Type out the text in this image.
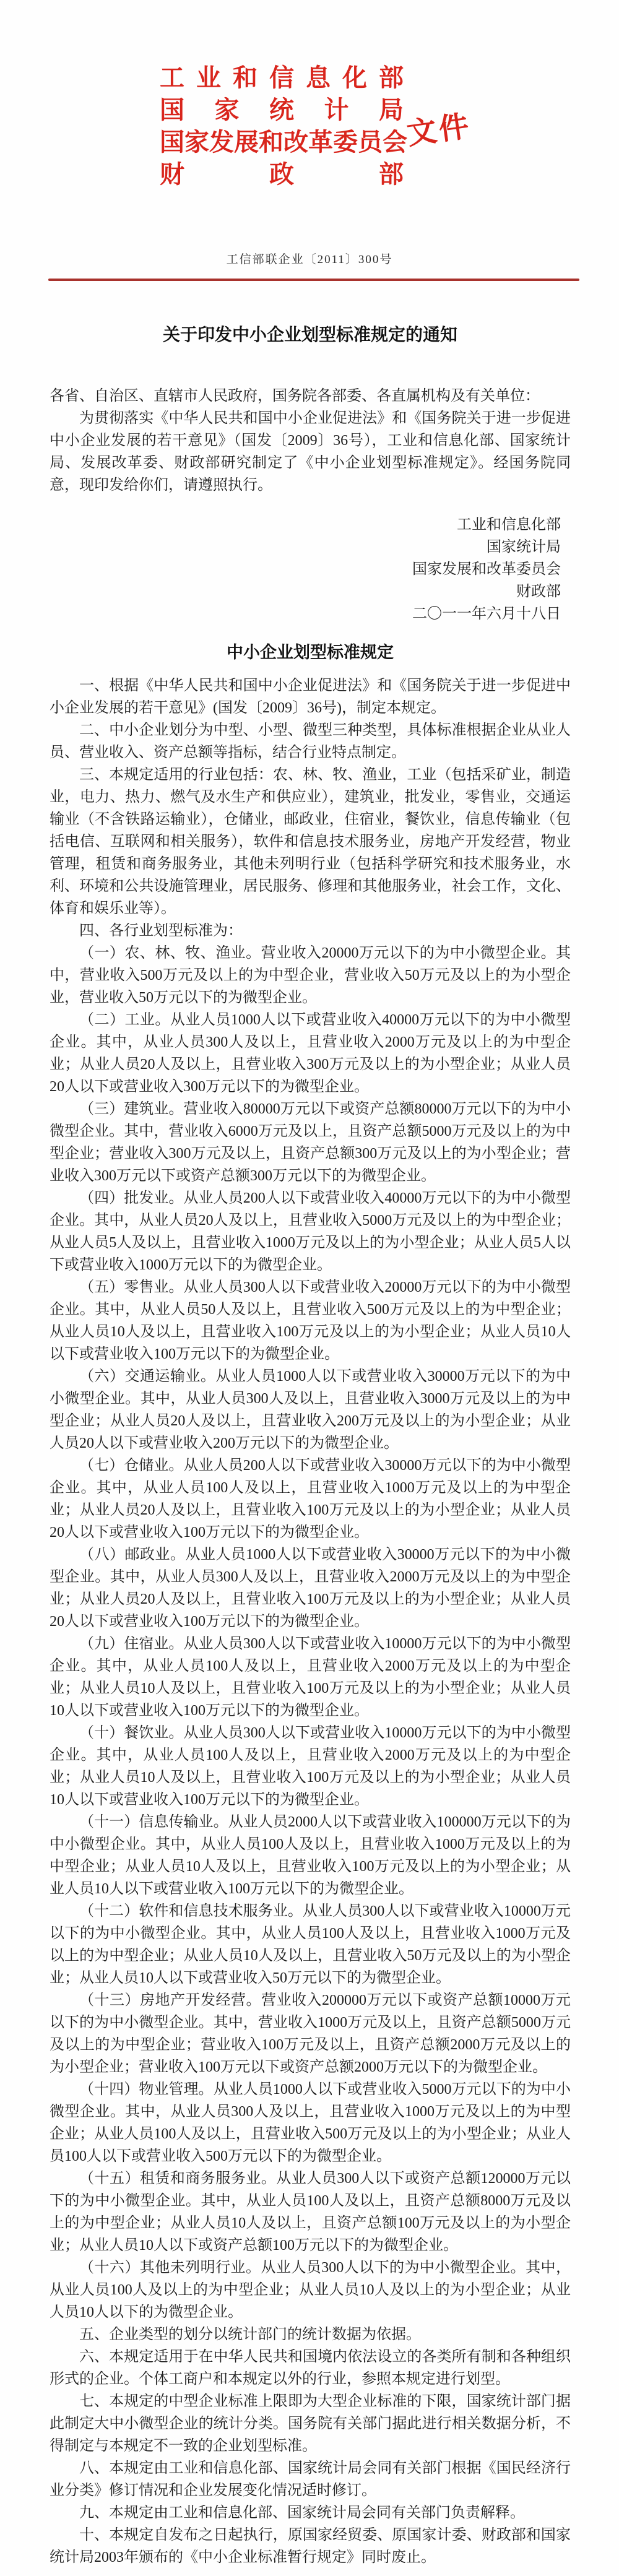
工业和信息化部
国家统计局
国家发展和改革委员会
财政部
文件
工信部联企业〔2011〕300号
关于印发中小企业划型标准规定的通知
各省、自治区、直辖市人民政府，国务院各部委、各直属机构及有关单位：
为贯彻落实《中华人民共和国中小企业促进法》和《国务院关于进一步促进中小企业发展的若干意见》（国发〔2009〕36号），工业和信息化部、国家统计局、发展改革委、财政部研究制定了《中小企业划型标准规定》。经国务院同意，现印发给你们，请遵照执行。
工业和信息化部
国家统计局
国家发展和改革委员会
财政部
二〇一一年六月十八日
中小企业划型标准规定

一、根据《中华人民共和国中小企业促进法》和《国务院关于进一步促进中小企业发展的若干意见》(国发〔2009〕36号)，制定本规定。

二、中小企业划分为中型、小型、微型三种类型，具体标准根据企业从业人员、营业收入、资产总额等指标，结合行业特点制定。

三、本规定适用的行业包括：农、林、牧、渔业，工业（包括采矿业，制造业，电力、热力、燃气及水生产和供应业），建筑业，批发业，零售业，交通运输业（不含铁路运输业），仓储业，邮政业，住宿业，餐饮业，信息传输业（包括电信、互联网和相关服务），软件和信息技术服务业，房地产开发经营，物业管理，租赁和商务服务业，其他未列明行业（包括科学研究和技术服务业，水利、环境和公共设施管理业，居民服务、修理和其他服务业，社会工作，文化、体育和娱乐业等）。

四、各行业划型标准为：

（一）农、林、牧、渔业。营业收入20000万元以下的为中小微型企业。其中，营业收入500万元及以上的为中型企业，营业收入50万元及以上的为小型企业，营业收入50万元以下的为微型企业。

（二）工业。从业人员1000人以下或营业收入40000万元以下的为中小微型企业。其中，从业人员300人及以上，且营业收入2000万元及以上的为中型企业；从业人员20人及以上，且营业收入300万元及以上的为小型企业；从业人员20人以下或营业收入300万元以下的为微型企业。

（三）建筑业。营业收入80000万元以下或资产总额80000万元以下的为中小微型企业。其中，营业收入6000万元及以上，且资产总额5000万元及以上的为中型企业；营业收入300万元及以上，且资产总额300万元及以上的为小型企业；营业收入300万元以下或资产总额300万元以下的为微型企业。

（四）批发业。从业人员200人以下或营业收入40000万元以下的为中小微型企业。其中，从业人员20人及以上，且营业收入5000万元及以上的为中型企业；从业人员5人及以上，且营业收入1000万元及以上的为小型企业；从业人员5人以下或营业收入1000万元以下的为微型企业。

（五）零售业。从业人员300人以下或营业收入20000万元以下的为中小微型企业。其中，从业人员50人及以上，且营业收入500万元及以上的为中型企业；从业人员10人及以上，且营业收入100万元及以上的为小型企业；从业人员10人以下或营业收入100万元以下的为微型企业。

（六）交通运输业。从业人员1000人以下或营业收入30000万元以下的为中小微型企业。其中，从业人员300人及以上，且营业收入3000万元及以上的为中型企业；从业人员20人及以上，且营业收入200万元及以上的为小型企业；从业人员20人以下或营业收入200万元以下的为微型企业。

（七）仓储业。从业人员200人以下或营业收入30000万元以下的为中小微型企业。其中，从业人员100人及以上，且营业收入1000万元及以上的为中型企业；从业人员20人及以上，且营业收入100万元及以上的为小型企业；从业人员20人以下或营业收入100万元以下的为微型企业。

（八）邮政业。从业人员1000人以下或营业收入30000万元以下的为中小微型企业。其中，从业人员300人及以上，且营业收入2000万元及以上的为中型企业；从业人员20人及以上，且营业收入100万元及以上的为小型企业；从业人员20人以下或营业收入100万元以下的为微型企业。

（九）住宿业。从业人员300人以下或营业收入10000万元以下的为中小微型企业。其中，从业人员100人及以上，且营业收入2000万元及以上的为中型企业；从业人员10人及以上，且营业收入100万元及以上的为小型企业；从业人员10人以下或营业收入100万元以下的为微型企业。

（十）餐饮业。从业人员300人以下或营业收入10000万元以下的为中小微型企业。其中，从业人员100人及以上，且营业收入2000万元及以上的为中型企业；从业人员10人及以上，且营业收入100万元及以上的为小型企业；从业人员10人以下或营业收入100万元以下的为微型企业。

（十一）信息传输业。从业人员2000人以下或营业收入100000万元以下的为中小微型企业。其中，从业人员100人及以上，且营业收入1000万元及以上的为中型企业；从业人员10人及以上，且营业收入100万元及以上的为小型企业；从业人员10人以下或营业收入100万元以下的为微型企业。

（十二）软件和信息技术服务业。从业人员300人以下或营业收入10000万元以下的为中小微型企业。其中，从业人员100人及以上，且营业收入1000万元及以上的为中型企业；从业人员10人及以上，且营业收入50万元及以上的为小型企业；从业人员10人以下或营业收入50万元以下的为微型企业。

（十三）房地产开发经营。营业收入200000万元以下或资产总额10000万元以下的为中小微型企业。其中，营业收入1000万元及以上，且资产总额5000万元及以上的为中型企业；营业收入100万元及以上，且资产总额2000万元及以上的为小型企业；营业收入100万元以下或资产总额2000万元以下的为微型企业。

（十四）物业管理。从业人员1000人以下或营业收入5000万元以下的为中小微型企业。其中，从业人员300人及以上，且营业收入1000万元及以上的为中型企业；从业人员100人及以上，且营业收入500万元及以上的为小型企业；从业人员100人以下或营业收入500万元以下的为微型企业。

（十五）租赁和商务服务业。从业人员300人以下或资产总额120000万元以下的为中小微型企业。其中，从业人员100人及以上，且资产总额8000万元及以上的为中型企业；从业人员10人及以上，且资产总额100万元及以上的为小型企业；从业人员10人以下或资产总额100万元以下的为微型企业。

（十六）其他未列明行业。从业人员300人以下的为中小微型企业。其中，从业人员100人及以上的为中型企业；从业人员10人及以上的为小型企业；从业人员10人以下的为微型企业。

五、企业类型的划分以统计部门的统计数据为依据。

六、本规定适用于在中华人民共和国境内依法设立的各类所有制和各种组织形式的企业。个体工商户和本规定以外的行业，参照本规定进行划型。

七、本规定的中型企业标准上限即为大型企业标准的下限，国家统计部门据此制定大中小微型企业的统计分类。国务院有关部门据此进行相关数据分析，不得制定与本规定不一致的企业划型标准。

八、本规定由工业和信息化部、国家统计局会同有关部门根据《国民经济行业分类》修订情况和企业发展变化情况适时修订。

九、本规定由工业和信息化部、国家统计局会同有关部门负责解释。

十、本规定自发布之日起执行，原国家经贸委、原国家计委、财政部和国家统计局2003年颁布的《中小企业标准暂行规定》同时废止。
